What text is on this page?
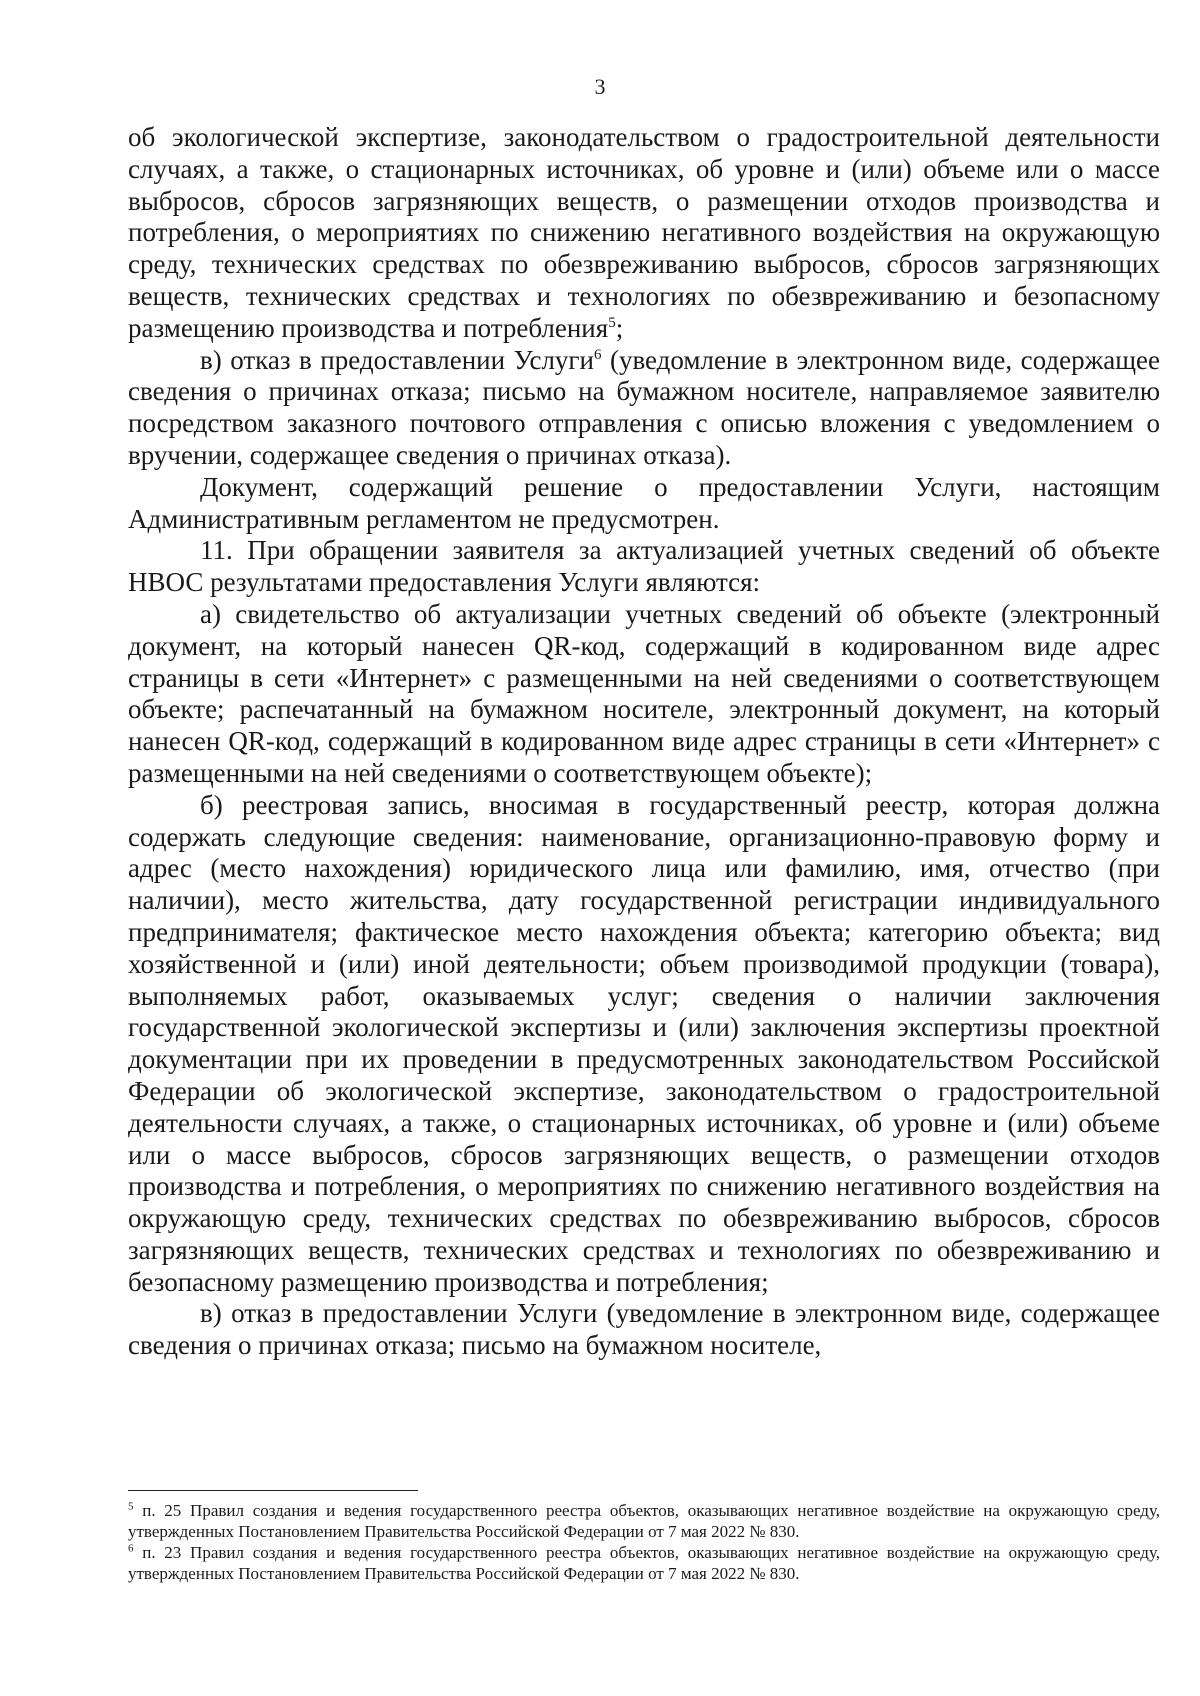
3

об экологической экспертизе, законодательством о градостроительной деятельности случаях, а также, о стационарных источниках, об уровне и (или) объеме или о массе выбросов, сбросов загрязняющих веществ, о размещении отходов производства и потребления, о мероприятиях по снижению негативного воздействия на окружающую среду, технических средствах по обезвреживанию выбросов, сбросов загрязняющих веществ, технических средствах и технологиях по обезвреживанию и безопасному размещению производства и потребления$^5$;

в) отказ в предоставлении Услуги$^6$ (уведомление в электронном виде, содержащее сведения о причинах отказа; письмо на бумажном носителе, направляемое заявителю посредством заказного почтового отправления с описью вложения с уведомлением о вручении, содержащее сведения о причинах отказа).

Документ, содержащий решение о предоставлении Услуги, настоящим Административным регламентом не предусмотрен.

11. При обращении заявителя за актуализацией учетных сведений об объекте НВОС результатами предоставления Услуги являются:

а) свидетельство об актуализации учетных сведений об объекте (электронный документ, на который нанесен QR-код, содержащий в кодированном виде адрес страницы в сети «Интернет» с размещенными на ней сведениями о соответствующем объекте; распечатанный на бумажном носителе, электронный документ, на который нанесен QR-код, содержащий в кодированном виде адрес страницы в сети «Интернет» с размещенными на ней сведениями о соответствующем объекте);

б) реестровая запись, вносимая в государственный реестр, которая должна содержать следующие сведения: наименование, организационно-правовую форму и адрес (место нахождения) юридического лица или фамилию, имя, отчество (при наличии), место жительства, дату государственной регистрации индивидуального предпринимателя; фактическое место нахождения объекта; категорию объекта; вид хозяйственной и (или) иной деятельности; объем производимой продукции (товара), выполняемых работ, оказываемых услуг; сведения о наличии заключения государственной экологической экспертизы и (или) заключения экспертизы проектной документации при их проведении в предусмотренных законодательством Российской Федерации об экологической экспертизе, законодательством о градостроительной деятельности случаях, а также, о стационарных источниках, об уровне и (или) объеме или о массе выбросов, сбросов загрязняющих веществ, о размещении отходов производства и потребления, о мероприятиях по снижению негативного воздействия на окружающую среду, технических средствах по обезвреживанию выбросов, сбросов загрязняющих веществ, технических средствах и технологиях по обезвреживанию и безопасному размещению производства и потребления;

в) отказ в предоставлении Услуги (уведомление в электронном виде, содержащее сведения о причинах отказа; письмо на бумажном носителе,

$^5$ п. 25 Правил создания и ведения государственного реестра объектов, оказывающих негативное воздействие на окружающую среду, утвержденных Постановлением Правительства Российской Федерации от 7 мая 2022 № 830.

$^6$ п. 23 Правил создания и ведения государственного реестра объектов, оказывающих негативное воздействие на окружающую среду, утвержденных Постановлением Правительства Российской Федерации от 7 мая 2022 № 830.
